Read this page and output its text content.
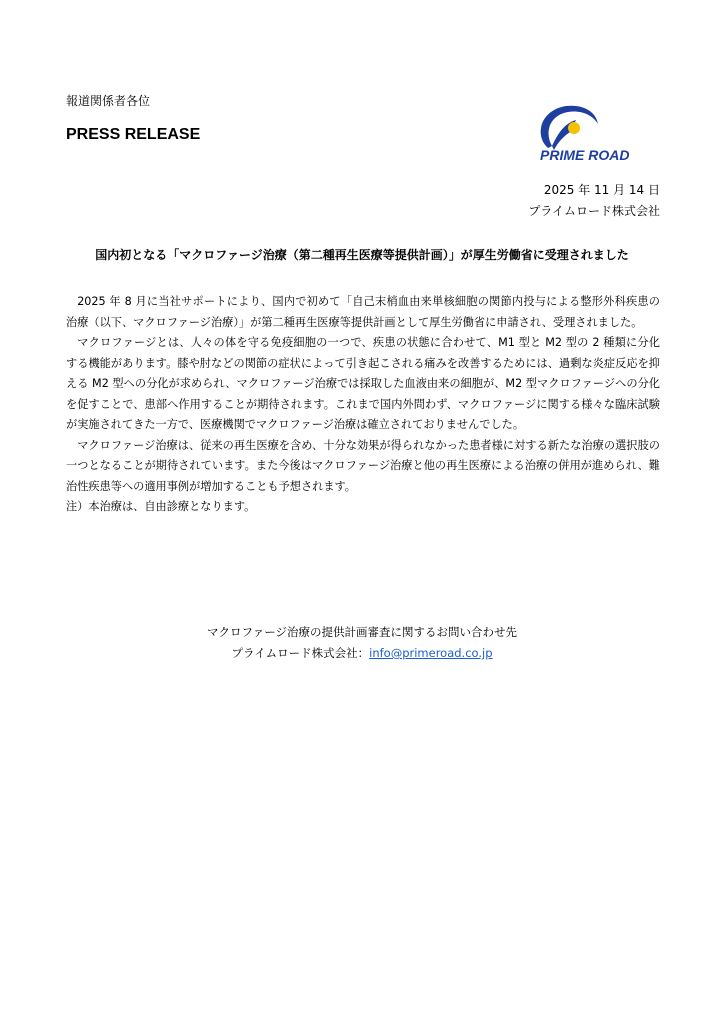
報道関係者各位
PRESS RELEASE
PRIME ROAD
2025 年 11 月 14 日
プライムロード株式会社
国内初となる「マクロファージ治療（第二種再生医療等提供計画）」が厚生労働省に受理されました

2025 年 8 月に当社サポートにより、国内で初めて「自己末梢血由来単核細胞の関節内投与による整形外科疾患の治療（以下、マクロファージ治療）」が第二種再生医療等提供計画として厚生労働省に申請され、受理されました。

マクロファージとは、人々の体を守る免疫細胞の一つで、疾患の状態に合わせて、M1 型と M2 型の 2 種類に分化する機能があります。膝や肘などの関節の症状によって引き起こされる痛みを改善するためには、過剰な炎症反応を抑える M2 型への分化が求められ、マクロファージ治療では採取した血液由来の細胞が、M2 型マクロファージへの分化を促すことで、患部へ作用することが期待されます。これまで国内外問わず、マクロファージに関する様々な臨床試験が実施されてきた一方で、医療機関でマクロファージ治療は確立されておりませんでした。

マクロファージ治療は、従来の再生医療を含め、十分な効果が得られなかった患者様に対する新たな治療の選択肢の一つとなることが期待されています。また今後はマクロファージ治療と他の再生医療による治療の併用が進められ、難治性疾患等への適用事例が増加することも予想されます。

注）本治療は、自由診療となります。

マクロファージ治療の提供計画審査に関するお問い合わせ先
プライムロード株式会社：info@primeroad.co.jp
